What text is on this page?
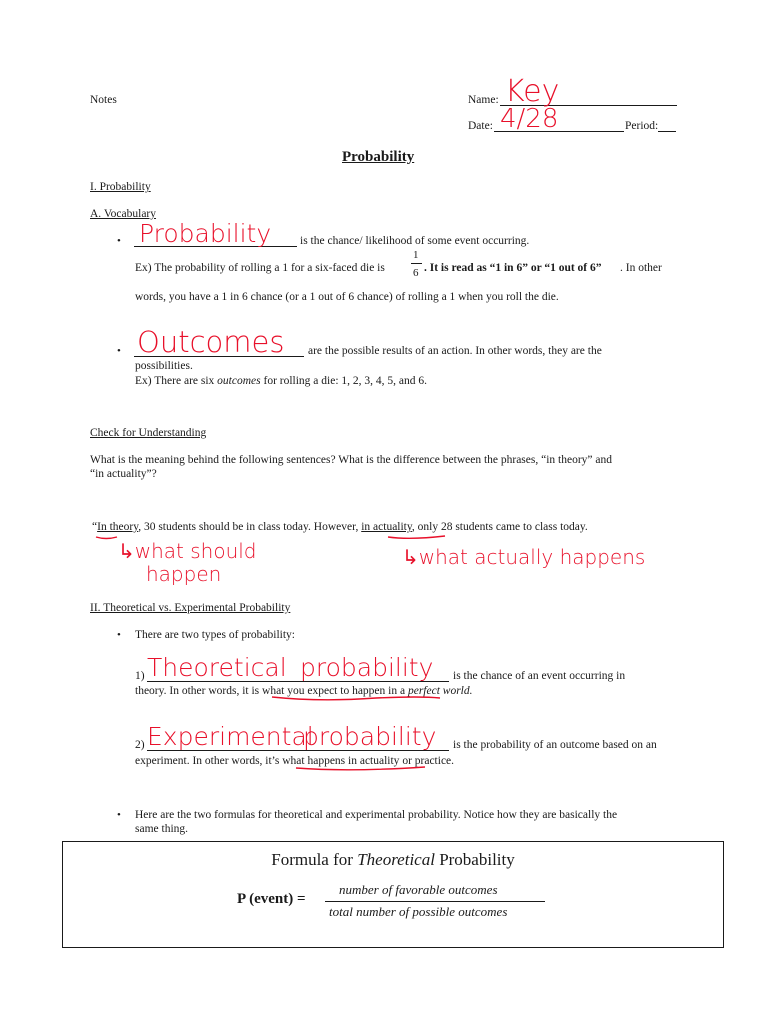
Notes	Name: Key
Date: 4/28	Period:
Probability
I. Probability
A. Vocabulary
• Probability	is the chance/ likelihood of some event occurring.
Ex) The probability of rolling a 1 for a six-faced die is
1
6 . It is read as “1 in 6” or “1 out of 6” . In other
words, you have a 1 in 6 chance (or a 1 out of 6 chance) of rolling a 1 when you roll the die.
• Outcomes are the possible results of an action. In other words, they are the
possibilities.
Ex) There are six outcomes for rolling a die: 1, 2, 3, 4, 5, and 6.
Check for Understanding
What is the meaning behind the following sentences? What is the difference between the phrases, “in theory” and
“in actuality”?
“In theory, 30 students should be in class today. However, in actuality, only 28 students came to class today.
↳what should
happen
↳what actually happens
II. Theoretical vs. Experimental Probability
• There are two types of probability:
1) Theoretical probability is the chance of an event occurring in
theory. In other words, it is what you expect to happen in a perfect world.
2) Experimental
probability is the probability of an outcome based on an
experiment. In other words, it’s what happens in actuality or practice.
• Here are the two formulas for theoretical and experimental probability. Notice how they are basically the
same thing.
Formula for Theoretical Probability
P (event) =
number of favorable outcomes
total number of possible outcomes
